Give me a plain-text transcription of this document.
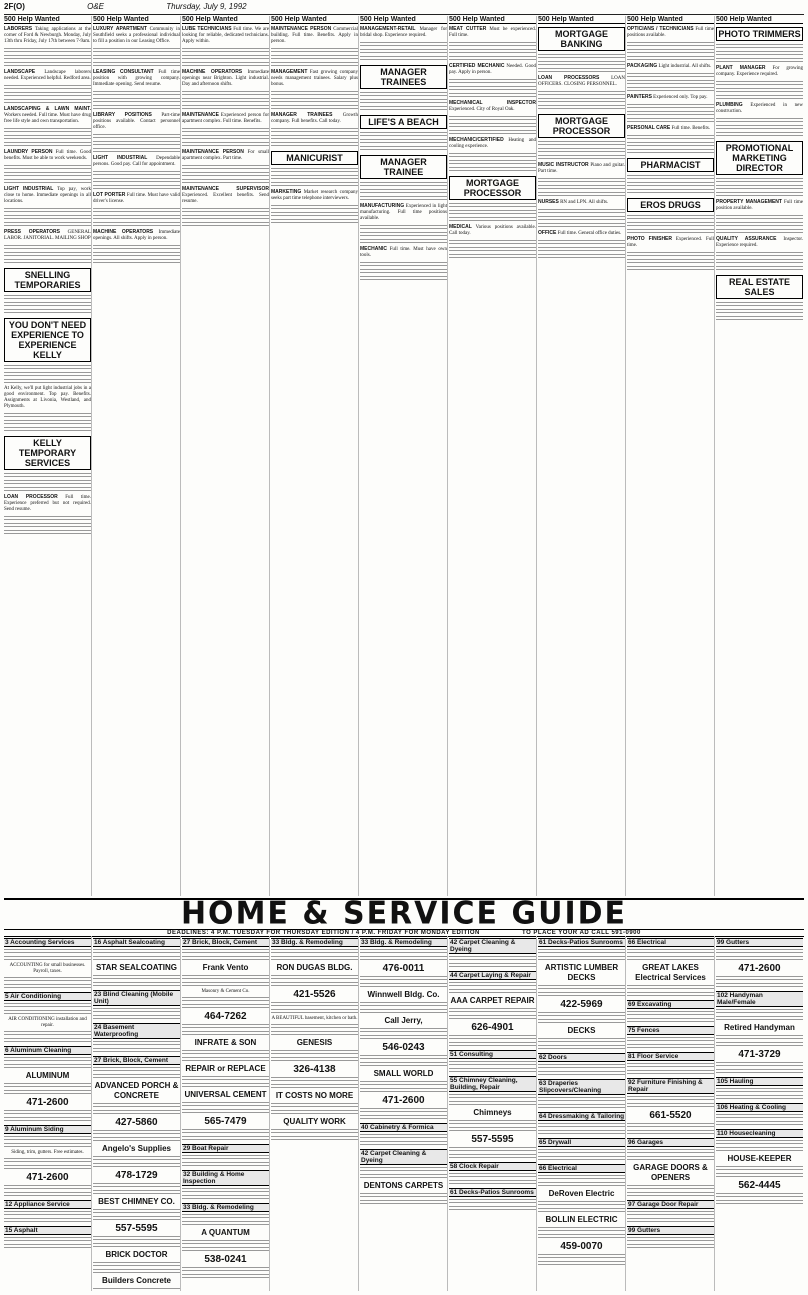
2F(O)	O&E	Thursday, July 9, 1992
500 Help Wanted
LABORERS Taking applications at the corner of Ford & Newburgh. Monday, July 13th thru Friday, July 17th between 7-9am.
LANDSCAPE Landscape laborers needed. Experienced helpful. Redford area.
LANDSCAPING & LAWN MAINT. Workers needed. Full time. Must have drug free life style and own transportation.
LAUNDRY PERSON Full time. Good benefits. Must be able to work weekends.
LIGHT INDUSTRIAL Top pay, work close to home. Immediate openings in all locations.
PRESS OPERATORS GENERAL LABOR. JANITORIAL. MAILING SHOP
SNELLING TEMPORARIES
YOU DON'T NEED EXPERIENCE TO EXPERIENCE KELLY
At Kelly, we'll put light industrial jobs in a good environment. Top pay. Benefits. Assignments at Livonia, Westland, and Plymouth.
KELLY TEMPORARY SERVICES
LOAN PROCESSOR Full time. Experience preferred but not required. Send resume.
500 Help Wanted
LUXURY APARTMENT Community in Southfield seeks a professional individual to fill a position in our Leasing Office.
LEASING CONSULTANT Full time position with growing company. Immediate opening. Send resume.
LIBRARY POSITIONS Part-time positions available. Contact personnel office.
LIGHT INDUSTRIAL Dependable persons. Good pay. Call for appointment.
LOT PORTER Full time. Must have valid driver's license.
MACHINE OPERATORS Immediate openings. All shifts. Apply in person.
500 Help Wanted
LUBE TECHNICIANS Full time. We are looking for reliable, dedicated technicians. Apply within.
MACHINE OPERATORS Immediate openings near Brighton. Light industrial. Day and afternoon shifts.
MAINTENANCE Experienced person for apartment complex. Full time. Benefits.
MAINTENANCE PERSON For small apartment complex. Part time.
MAINTENANCE SUPERVISOR Experienced. Excellent benefits. Send resume.
500 Help Wanted
MAINTENANCE PERSON Commercial building. Full time. Benefits. Apply in person.
MANAGEMENT Fast growing company needs management trainees. Salary plus bonus.
MANAGER TRAINEES Growth company. Full benefits. Call today.
MANICURIST
MARKETING Market research company seeks part time telephone interviewers.
500 Help Wanted
MANAGEMENT-RETAIL Manager for bridal shop. Experience required.
MANAGER TRAINEES
LIFE'S A BEACH
MANAGER TRAINEE
MANUFACTURING Experienced in light manufacturing. Full time positions available.
MECHANIC Full time. Must have own tools.
500 Help Wanted
MEAT CUTTER Must be experienced. Full time.
CERTIFIED MECHANIC Needed. Good pay. Apply in person.
MECHANICAL INSPECTOR Experienced. City of Royal Oak.
MECHANIC/CERTIFIED Heating and cooling experience.
MORTGAGE PROCESSOR
MEDICAL Various positions available. Call today.
500 Help Wanted
MORTGAGE BANKING
LOAN PROCESSORS LOAN OFFICERS. CLOSING PERSONNEL.
MORTGAGE PROCESSOR
MUSIC INSTRUCTOR Piano and guitar. Part time.
NURSES RN and LPN. All shifts.
OFFICE Full time. General office duties.
500 Help Wanted
OPTICIANS / TECHNICIANS Full time positions available.
PACKAGING Light industrial. All shifts.
PAINTERS Experienced only. Top pay.
PERSONAL CARE Full time. Benefits.
PHARMACIST
EROS DRUGS
PHOTO FINISHER Experienced. Full time.
500 Help Wanted
PHOTO TRIMMERS
PLANT MANAGER For growing company. Experience required.
PLUMBING Experienced in new construction.
PROMOTIONAL MARKETING DIRECTOR
PROPERTY MANAGEMENT Full time position available.
QUALITY ASSURANCE Inspector. Experience required.
REAL ESTATE SALES
HOME & SERVICE GUIDE
DEADLINES: 4 P.M. TUESDAY FOR THURSDAY EDITION / 4 P.M. FRIDAY FOR MONDAY EDITION	TO PLACE YOUR AD CALL 591-0900
3 Accounting Services
ACCOUNTING for small businesses. Payroll, taxes.
5 Air Conditioning
AIR CONDITIONING installation and repair.
6 Aluminum Cleaning
ALUMINUM
471-2600
9 Aluminum Siding
Siding, trim, gutters. Free estimates.
471-2600
12 Appliance Service
15 Asphalt
16 Asphalt Sealcoating
STAR SEALCOATING
23 Blind Cleaning (Mobile Unit)
24 Basement Waterproofing
27 Brick, Block, Cement
ADVANCED PORCH & CONCRETE
427-5860
Angelo's Supplies
478-1729
BEST CHIMNEY CO.
557-5595
BRICK DOCTOR
Builders Concrete
27 Brick, Block, Cement
Frank Vento
Masonry & Cement Co.
464-7262
INFRATE & SON
REPAIR or REPLACE
UNIVERSAL CEMENT
565-7479
29 Boat Repair
32 Building & Home Inspection
33 Bldg. & Remodeling
A QUANTUM
538-0241
33 Bldg. & Remodeling
RON DUGAS BLDG.
421-5526
A BEAUTIFUL basement, kitchen or bath.
GENESIS
326-4138
IT COSTS NO MORE
QUALITY WORK
33 Bldg. & Remodeling
476-0011
Winnwell Bldg. Co.
Call Jerry,
546-0243
SMALL WORLD
471-2600
40 Cabinetry & Formica
42 Carpet Cleaning & Dyeing
DENTONS CARPETS
42 Carpet Cleaning & Dyeing
44 Carpet Laying & Repair
AAA CARPET REPAIR
626-4901
51 Consulting
55 Chimney Cleaning, Building, Repair
Chimneys
557-5595
58 Clock Repair
61 Decks-Patios Sunrooms
61 Decks-Patios Sunrooms
ARTISTIC LUMBER DECKS
422-5969
DECKS
62 Doors
63 Draperies Slipcovers/Cleaning
64 Dressmaking & Tailoring
65 Drywall
66 Electrical
DeRoven Electric
BOLLIN ELECTRIC
459-0070
66 Electrical
GREAT LAKES Electrical Services
69 Excavating
75 Fences
81 Floor Service
92 Furniture Finishing & Repair
661-5520
96 Garages
GARAGE DOORS & OPENERS
97 Garage Door Repair
99 Gutters
99 Gutters
471-2600
102 Handyman Male/Female
Retired Handyman
471-3729
105 Hauling
106 Heating & Cooling
110 Housecleaning
HOUSE-KEEPER
562-4445
